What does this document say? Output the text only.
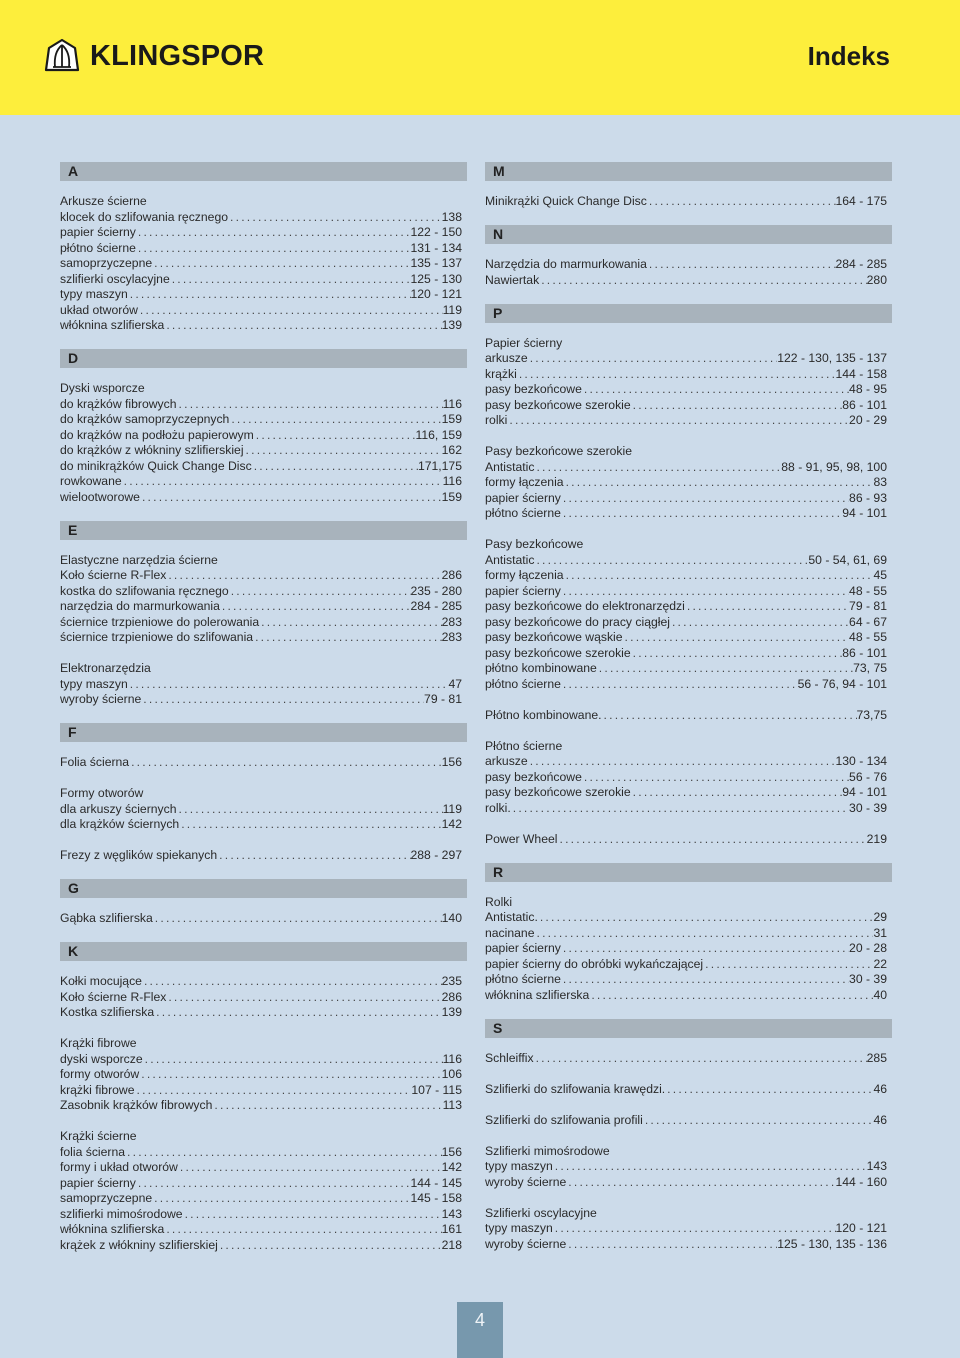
KLINGSPOR	Indeks
A
Arkusze ścierne
klocek do szlifowania ręcznego .....	138
papier ścierny .....	122 - 150
płótno ścierne .....	131 - 134
samoprzyczepne .....	135 - 137
szlifierki oscylacyjne .....	125 - 130
typy maszyn .....	120 - 121
układ otworów .....	119
włóknina szlifierska .....	139
D
Dyski wsporcze
do krążków fibrowych .....	116
do krążków samoprzyczepnych .....	159
do krążków na podłożu papierowym .....	116, 159
do krążków z włókniny szlifierskiej .....	162
do minikrążków Quick Change Disc .....	171,175
rowkowane .....	116
wielootworowe .....	159
E
Elastyczne narzędzia ścierne
Koło ścierne R-Flex .....	286
kostka do szlifowania ręcznego .....	235 - 280
narzędzia do marmurkowania .....	284 - 285
ściernice trzpieniowe do polerowania .....	283
ściernice trzpieniowe do szlifowania .....	283
Elektronarzędzia
typy maszyn .....	47
wyroby ścierne .....	79 - 81
F
Folia ścierna .....	156
Formy otworów
dla arkuszy ściernych .....	119
dla krążków ściernych .....	142
Frezy z węglików spiekanych .....	288 - 297
G
Gąbka szlifierska .....	140
K
Kołki mocujące .....	235
Koło ścierne R-Flex .....	286
Kostka szlifierska .....	139
Krążki fibrowe
dyski wsporcze .....	116
formy otworów .....	106
krążki fibrowe .....	107 - 115
Zasobnik krążków fibrowych .....	113
Krążki ścierne
folia ścierna .....	156
formy i układ otworów .....	142
papier ścierny .....	144 - 145
samoprzyczepne .....	145 - 158
szlifierki mimośrodowe .....	143
włóknina szlifierska .....	161
krążek z włókniny szlifierskiej .....	218
M
Minikrążki Quick Change Disc .....	164 - 175
N
Narzędzia do marmurkowania .....	284 - 285
Nawiertak .....	280
P
Papier ścierny
arkusze .....	122 - 130, 135 - 137
krążki .....	144 - 158
pasy bezkońcowe .....	48 - 95
pasy bezkońcowe szerokie .....	86 - 101
rolki .....	20 - 29
Pasy bezkońcowe szerokie
Antistatic .....	88 - 91, 95, 98, 100
formy łączenia .....	83
papier ścierny .....	86 - 93
płótno ścierne .....	94 - 101
Pasy bezkońcowe
Antistatic .....	50 - 54, 61, 69
formy łączenia .....	45
papier ścierny .....	48 - 55
pasy bezkońcowe do elektronarzędzi .....	79 - 81
pasy bezkońcowe do pracy ciągłej .....	64 - 67
pasy bezkońcowe wąskie .....	48 - 55
pasy bezkońcowe szerokie .....	86 - 101
płótno kombinowane .....	73, 75
płótno ścierne .....	56 - 76, 94 - 101
Płótno kombinowane. .....	73,75
Płótno ścierne
arkusze .....	130 - 134
pasy bezkońcowe .....	56 - 76
pasy bezkońcowe szerokie .....	94 - 101
rolki. .....	30 - 39
Power Wheel .....	219
R
Rolki
Antistatic. .....	29
nacinane .....	31
papier ścierny .....	20 - 28
papier ścierny do obróbki wykańczającej .....	22
płótno ścierne .....	30 - 39
włóknina szlifierska .....	40
S
Schleiffix .....	285
Szlifierki do szlifowania krawędzi. .....	46
Szlifierki do szlifowania profili .....	46
Szlifierki mimośrodowe
typy maszyn .....	143
wyroby ścierne .....	144 - 160
Szlifierki oscylacyjne
typy maszyn .....	120 - 121
wyroby ścierne .....	125 - 130, 135 - 136
4
